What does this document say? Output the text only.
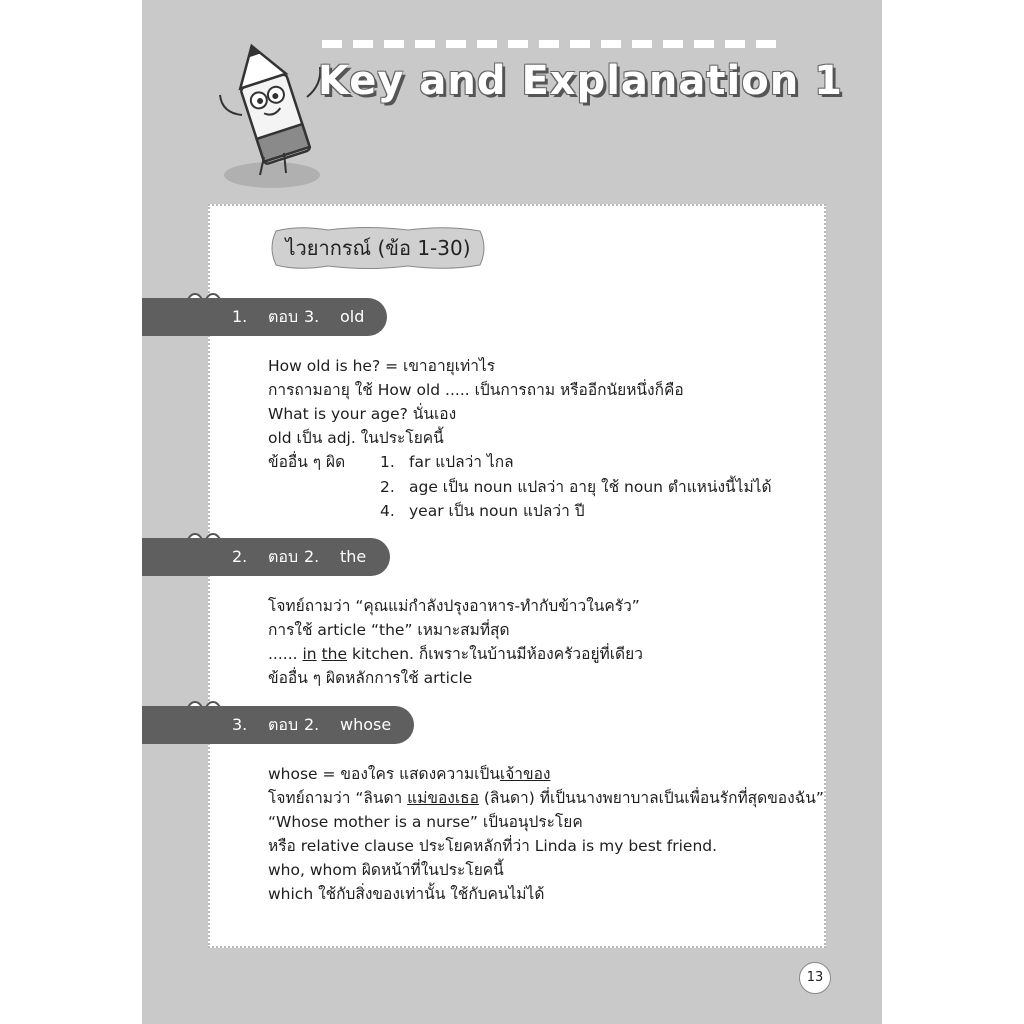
Key and Explanation 1
ไวยากรณ์ (ข้อ 1-30)
1. ตอบ 3. old
How old is he? = เขาอายุเท่าไร
การถามอายุ ใช้ How old ..... เป็นการถาม หรืออีกนัยหนึ่งก็คือ
What is your age? นั่นเอง
old เป็น adj. ในประโยคนี้
ข้ออื่น ๆ ผิด 1. far แปลว่า ไกล
2. age เป็น noun แปลว่า อายุ ใช้ noun ตำแหน่งนี้ไม่ได้
4. year เป็น noun แปลว่า ปี
2. ตอบ 2. the
โจทย์ถามว่า “คุณแม่กำลังปรุงอาหาร-ทำกับข้าวในครัว”
การใช้ article “the” เหมาะสมที่สุด
...... in the kitchen. ก็เพราะในบ้านมีห้องครัวอยู่ที่เดียว
ข้ออื่น ๆ ผิดหลักการใช้ article
3. ตอบ 2. whose
whose = ของใคร แสดงความเป็นเจ้าของ
โจทย์ถามว่า “ลินดา แม่ของเธอ (ลินดา) ที่เป็นนางพยาบาลเป็นเพื่อนรักที่สุดของฉัน”
“Whose mother is a nurse” เป็นอนุประโยค
หรือ relative clause ประโยคหลักที่ว่า Linda is my best friend.
who, whom ผิดหน้าที่ในประโยคนี้
which ใช้กับสิ่งของเท่านั้น ใช้กับคนไม่ได้
13
